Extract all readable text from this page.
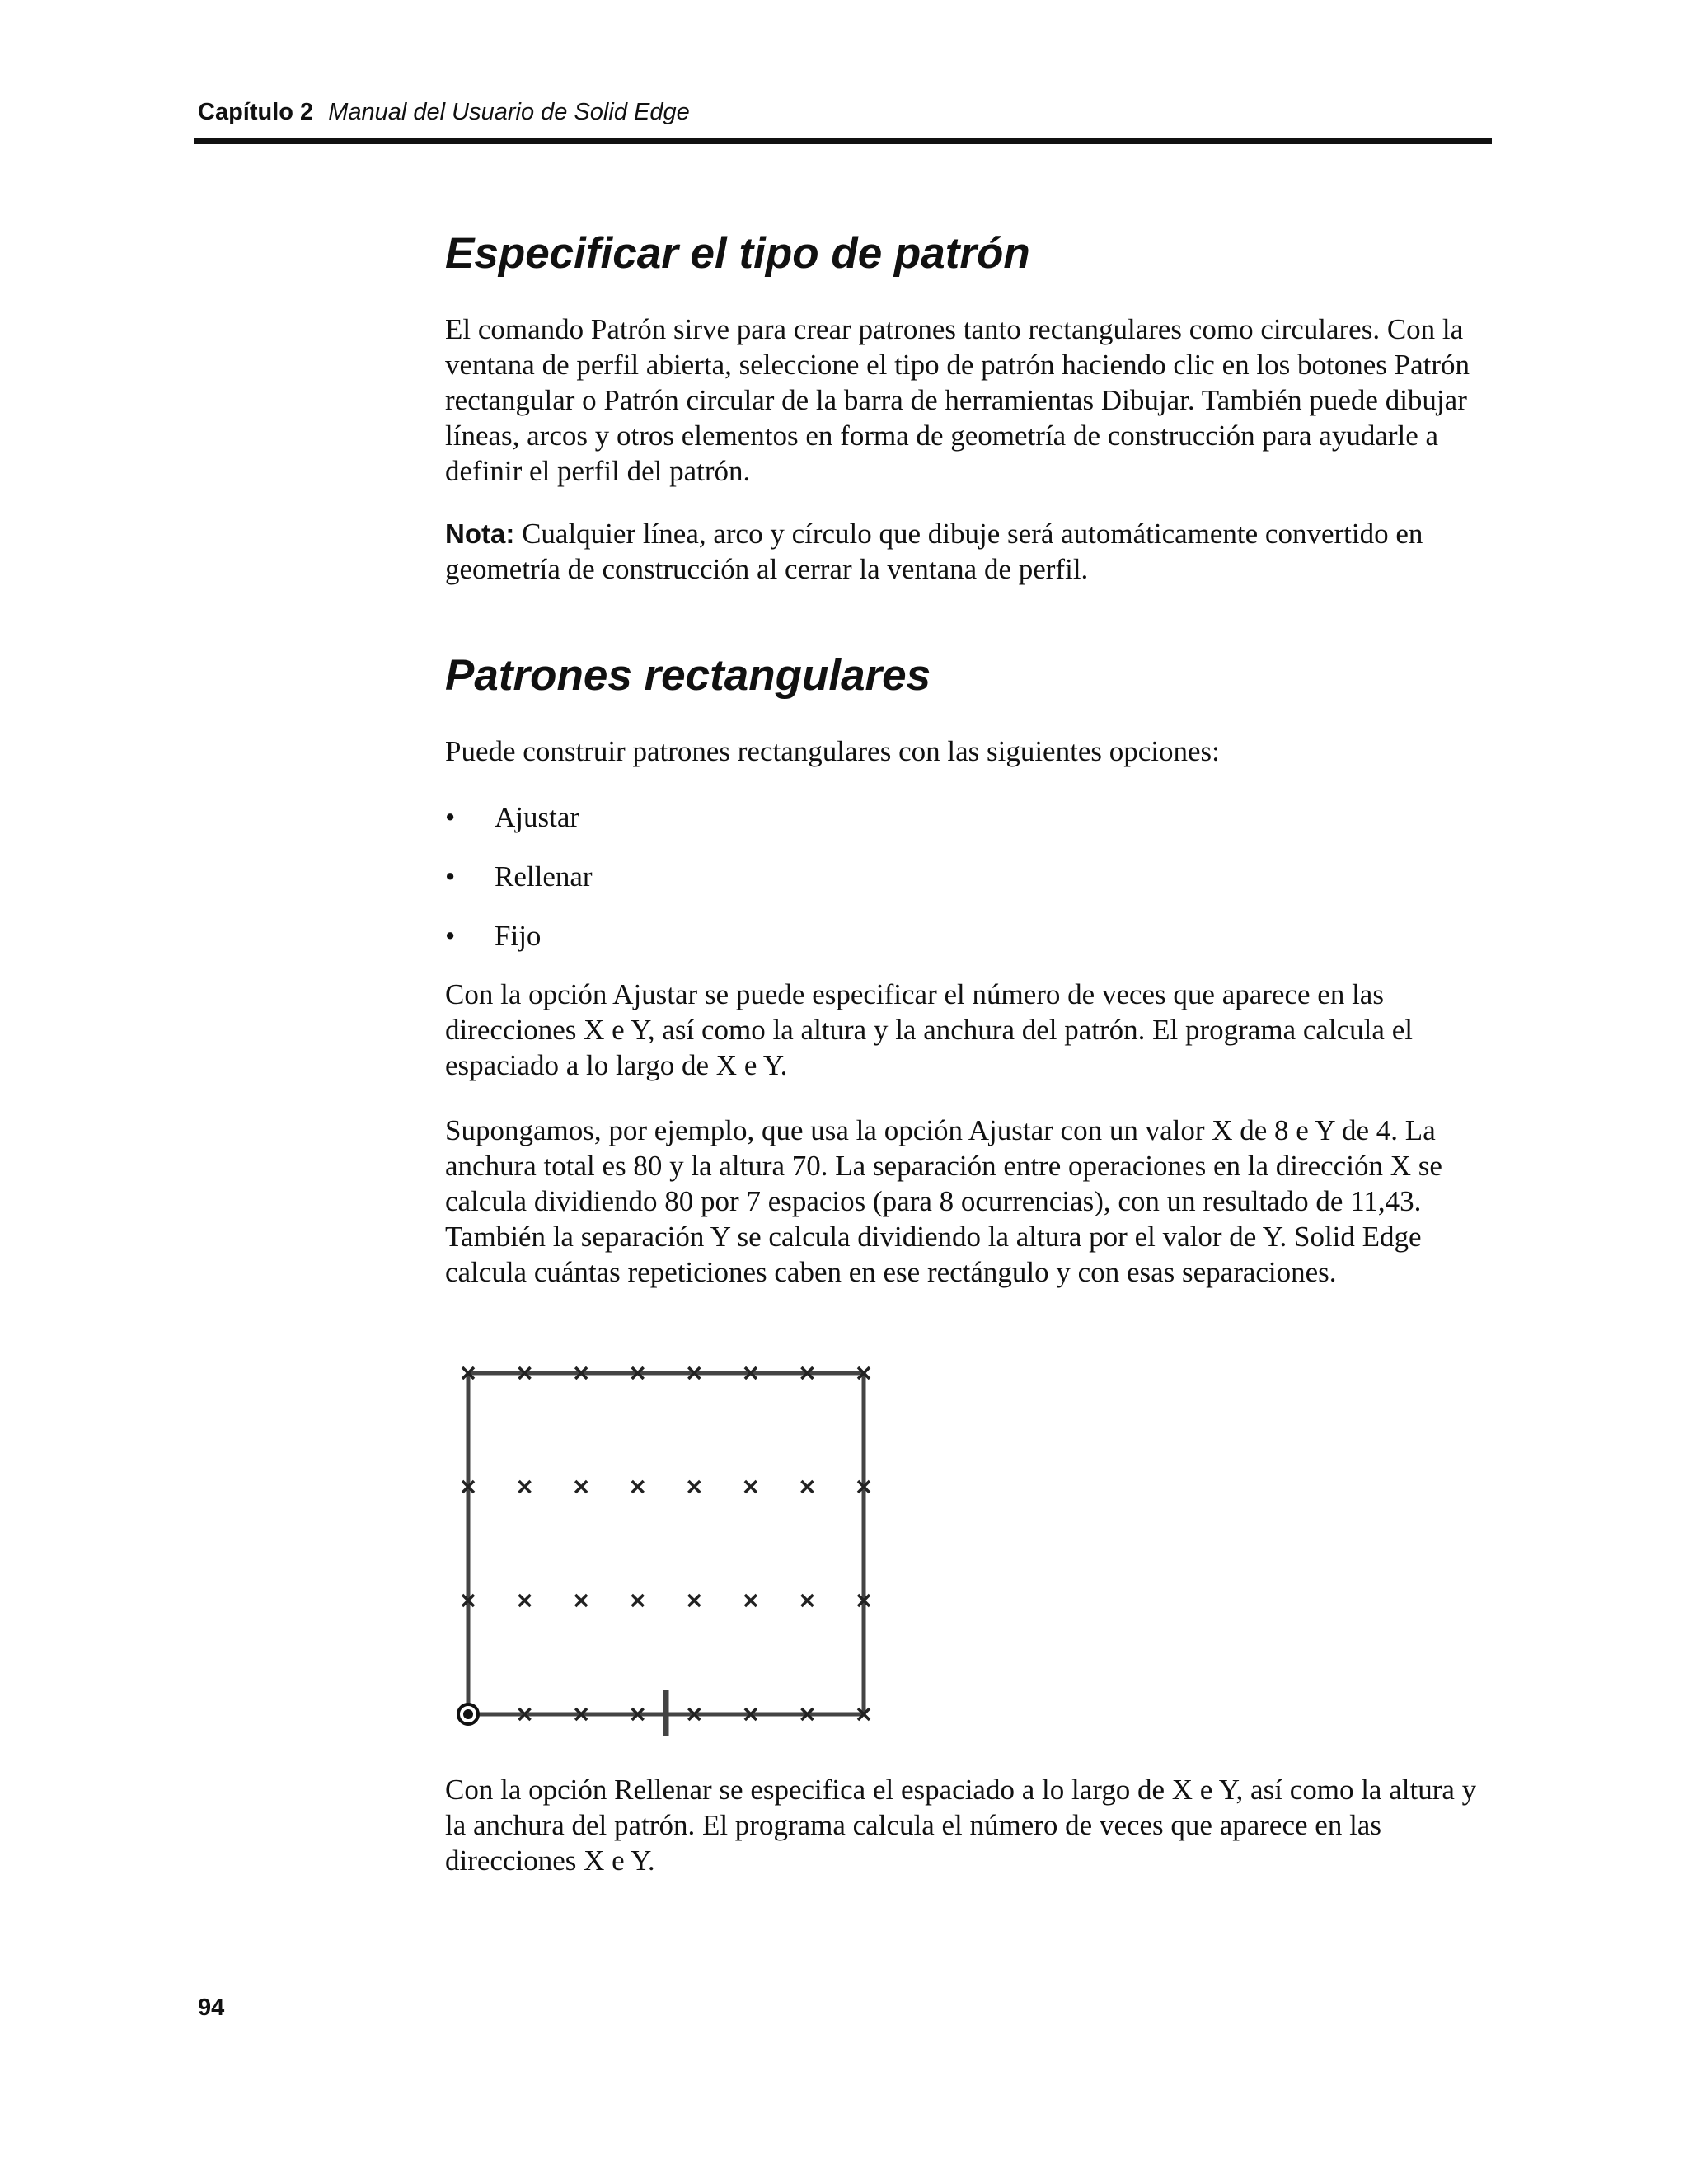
Capítulo 2 Manual del Usuario de Solid Edge
Especificar el tipo de patrón

El comando Patrón sirve para crear patrones tanto rectangulares como circulares. Con la ventana de perfil abierta, seleccione el tipo de patrón haciendo clic en los botones Patrón rectangular o Patrón circular de la barra de herramientas Dibujar. También puede dibujar líneas, arcos y otros elementos en forma de geometría de construcción para ayudarle a definir el perfil del patrón.

Nota: Cualquier línea, arco y círculo que dibuje será automáticamente convertido en geometría de construcción al cerrar la ventana de perfil.

Patrones rectangulares

Puede construir patrones rectangulares con las siguientes opciones:

• Ajustar
• Rellenar
• Fijo

Con la opción Ajustar se puede especificar el número de veces que aparece en las direcciones X e Y, así como la altura y la anchura del patrón. El programa calcula el espaciado a lo largo de X e Y.

Supongamos, por ejemplo, que usa la opción Ajustar con un valor X de 8 e Y de 4. La anchura total es 80 y la altura 70. La separación entre operaciones en la dirección X se calcula dividiendo 80 por 7 espacios (para 8 ocurrencias), con un resultado de 11,43. También la separación Y se calcula dividiendo la altura por el valor de Y. Solid Edge calcula cuántas repeticiones caben en ese rectángulo y con esas separaciones.

Con la opción Rellenar se especifica el espaciado a lo largo de X e Y, así como la altura y la anchura del patrón. El programa calcula el número de veces que aparece en las direcciones X e Y.

94
